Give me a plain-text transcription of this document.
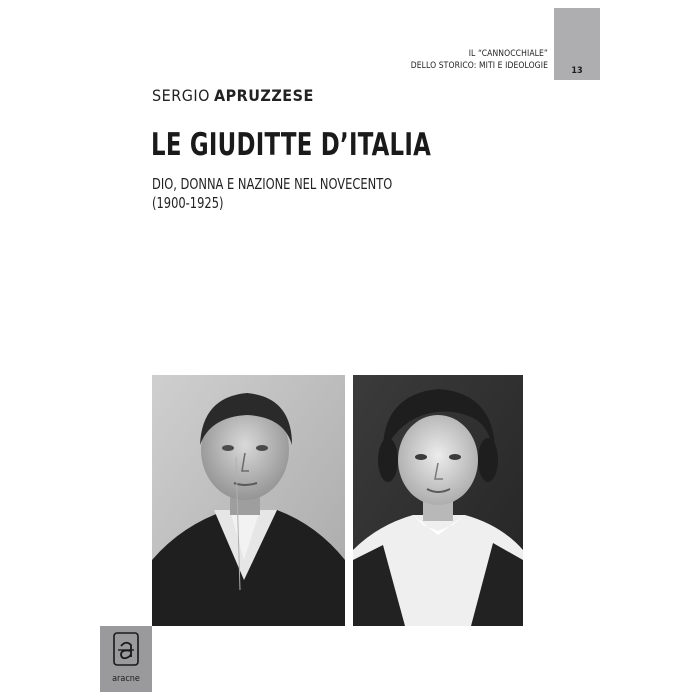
IL “CANNOCCHIALE”
DELLO STORICO: MITI E IDEOLOGIE	13
SERGIO APRUZZESE
LE GIUDITTE D’ITALIA
DIO, DONNA E NAZIONE NEL NOVECENTO
(1900-1925)
aracne
